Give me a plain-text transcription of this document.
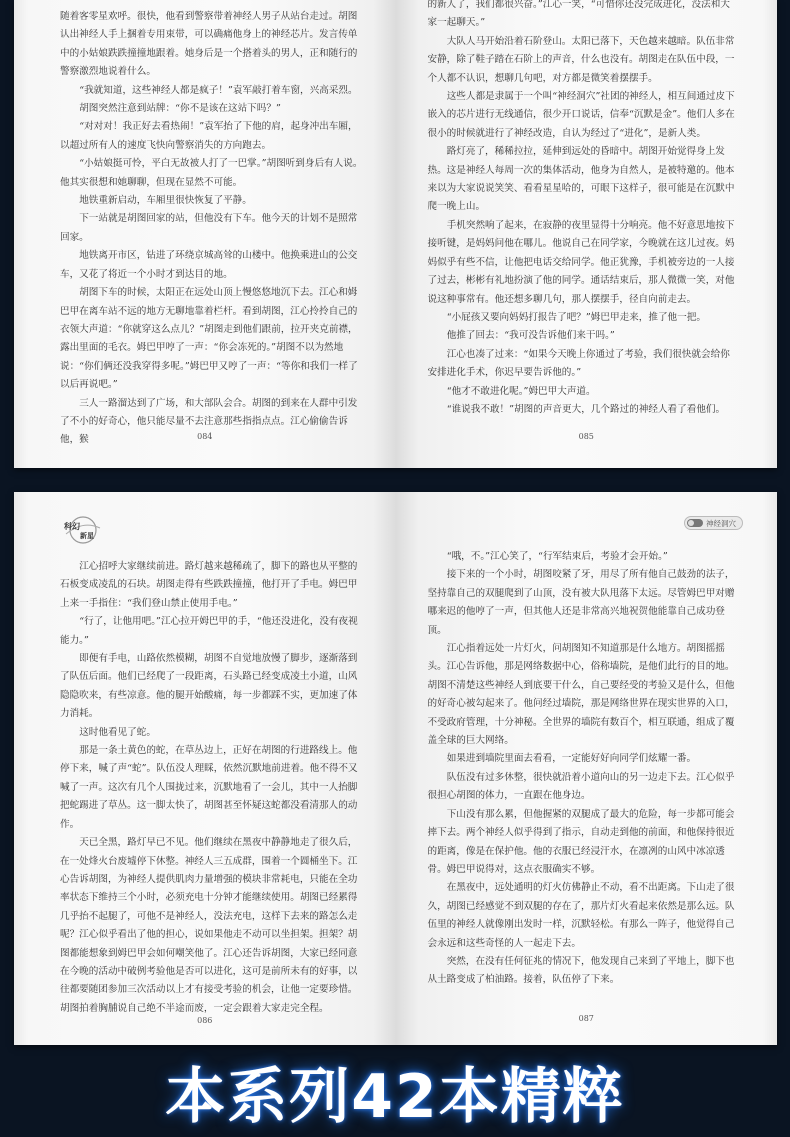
随着客零星欢呼。很快，他看到警察带着神经人男子从站台走过。胡图认出神经人手上捆着专用束带，可以确痛他身上的神经芯片。发言传单中的小姑娘跌跌撞撞地跟着。她身后是一个搭着头的男人，正和随行的警察激烈地说着什么。

“我就知道，这些神经人都是疯子！”袁军敲打着车窗，兴高采烈。

胡图突然注意到站牌：“你不是该在这站下吗？”

“对对对！我正好去看热闹！”袁军抬了下他的肩，起身冲出车厢，以超过所有人的速度飞快向警察消失的方向跑去。

“小姑娘挺可怜，平白无故被人打了一巴掌。”胡图听到身后有人说。他其实很想和她聊聊，但现在显然不可能。

地铁重新启动，车厢里很快恢复了平静。

下一站就是胡图回家的站，但他没有下车。他今天的计划不是照常回家。

地铁离开市区，钻进了环绕京城高耸的山楼中。他换乘进山的公交车，又花了将近一个小时才到达目的地。

胡图下车的时候，太阳正在远处山顶上慢悠悠地沉下去。江心和姆巴甲在离车站不远的地方无聊地靠着栏杆。看到胡图，江心拎拎自己的衣领大声道：“你就穿这么点儿？”胡图走到他们跟前，拉开夹克前襟，露出里面的毛衣。姆巴甲哼了一声：“你会冻死的。”胡图不以为然地说：“你们俩还没我穿得多呢。”姆巴甲又哼了一声：“等你和我们一样了以后再说吧。”

三人一路溜达到了广场，和大部队会合。胡图的到来在人群中引发了不小的好奇心，他只能尽量不去注意那些指指点点。江心偷偷告诉他，猴	084

的新人了，我们都很兴奋。”江心一笑，“可惜你还没完成进化，没法和大家一起聊天。”

大队人马开始沿着石阶登山。太阳已落下，天色越来越暗。队伍非常安静，除了鞋子踏在石阶上的声音，什么也没有。胡图走在队伍中段，一个人都不认识，想聊几句吧，对方都是微笑着摆摆手。

这些人都是隶属于一个叫“神经洞穴”社团的神经人，相互间通过皮下嵌入的芯片进行无线通信，很少开口说话，信奉“沉默是金”。他们人多在很小的时候就进行了神经改造，自认为经过了“进化”，是新人类。

路灯亮了，稀稀拉拉，延伸到远处的昏暗中。胡图开始觉得身上发热。这是神经人每周一次的集体活动，他身为自然人，是被特邀的。他本来以为大家说说笑笑、看看星星哈的，可眼下这样子，很可能是在沉默中爬一晚上山。

手机突然响了起来，在寂静的夜里显得十分响亮。他不好意思地按下接听键，是妈妈问他在哪儿。他说自己在同学家，今晚就在这儿过夜。妈妈似乎有些不信，让他把电话交给同学。他正犹豫，手机被旁边的一人接了过去，彬彬有礼地扮演了他的同学。通话结束后，那人微微一笑，对他说这种事常有。他还想多聊几句，那人摆摆手，径自向前走去。

“小屁孩又要向妈妈打报告了吧？”姆巴甲走来，推了他一把。

他推了回去：“我可没告诉他们来干吗。”

江心也凑了过来：“如果今天晚上你通过了考验，我们很快就会给你安排进化手术，你迟早要告诉他的。”

“他才不敢进化呢。”姆巴甲大声道。

“谁说我不敢！”胡图的声音更大，几个路过的神经人看了看他们。

085
科幻
新星

江心招呼大家继续前进。路灯越来越稀疏了，脚下的路也从平整的石板变成凌乱的石块。胡图走得有些跌跌撞撞，他打开了手电。姆巴甲上来一手指住：“我们登山禁止使用手电。”

“行了，让他用吧。”江心拉开姆巴甲的手，“他还没进化，没有夜视能力。”

即便有手电，山路依然模糊，胡图不自觉地放慢了脚步，逐渐落到了队伍后面。他们已经爬了一段距离，石头路已经变成凌土小道，山风隐隐吹来，有些凉意。他的腿开始酸痛，每一步都踩不实，更加速了体力消耗。

这时他看见了蛇。

那是一条土黄色的蛇，在草丛边上，正好在胡图的行进路线上。他停下来，喊了声“蛇”。队伍没人理睬，依然沉默地前进着。他不得不又喊了一声。这次有几个人围拢过来，沉默地看了一会儿，其中一人抬脚把蛇踢进了草丛。这一脚太快了，胡图甚至怀疑这蛇都没看清那人的动作。

天已全黑，路灯早已不见。他们继续在黑夜中静静地走了很久后，在一处烽火台废墟停下休整。神经人三五成群，围着一个圆桶坐下。江心告诉胡图，为神经人提供肌肉力量增强的模块非常耗电，只能在全功率状态下维持三个小时，必须充电十分钟才能继续使用。胡图已经累得几乎抬不起腿了，可他不是神经人，没法充电，这样下去来的路怎么走呢？江心似乎看出了他的担心，说如果他走不动可以坐担架。担架？胡图都能想象到姆巴甲会如何嘲笑他了。江心还告诉胡图，大家已经同意在今晚的活动中破例考验他是否可以进化，这可是前所未有的好事，以往都要随团参加三次活动以上才有接受考验的机会，让他一定要珍惜。胡图拍着胸脯说自己绝不半途而废，一定会跟着大家走完全程。

086
神经洞穴

“哦，不。”江心笑了，“行军结束后，考验才会开始。”

接下来的一个小时，胡图咬紧了牙，用尽了所有他自己鼓劲的法子，坚持靠自己的双腿爬到了山顶，没有被大队甩落下太远。尽管姆巴甲对赠哪来迟的他哼了一声，但其他人还是非常高兴地祝贺他能靠自己成功登顶。

江心指着远处一片灯火，问胡图知不知道那是什么地方。胡图摇摇头。江心告诉他，那是网络数据中心，俗称墙院，是他们此行的目的地。胡图不清楚这些神经人到底要干什么，自己要经受的考验又是什么，但他的好奇心被勾起来了。他问经过墙院，那是网络世界在现实世界的入口，不受政府管理，十分神秘。全世界的墙院有数百个，相互联通，组成了覆盖全球的巨大网络。

如果进到墙院里面去看看，一定能好好向同学们炫耀一番。

队伍没有过多休整，很快就沿着小道向山的另一边走下去。江心似乎很担心胡图的体力，一直跟在他身边。

下山没有那么累，但他握紧的双腿成了最大的危险，每一步都可能会摔下去。两个神经人似乎得到了指示，自动走到他的前面，和他保持很近的距离，像是在保护他。他的衣服已经浸汗水，在凛冽的山风中冰凉透骨。姆巴甲说得对，这点衣服确实不够。

在黑夜中，远处通明的灯火仿佛静止不动，看不出距离。下山走了很久，胡图已经感觉不到双腿的存在了，那片灯火看起来依然是那么远。队伍里的神经人就像刚出发时一样，沉默轻松。有那么一阵子，他觉得自己会永远和这些奇怪的人一起走下去。

突然，在没有任何征兆的情况下，他发现自己来到了平地上，脚下也从土路变成了柏油路。接着，队伍停了下来。

087
本系列42本精粹
